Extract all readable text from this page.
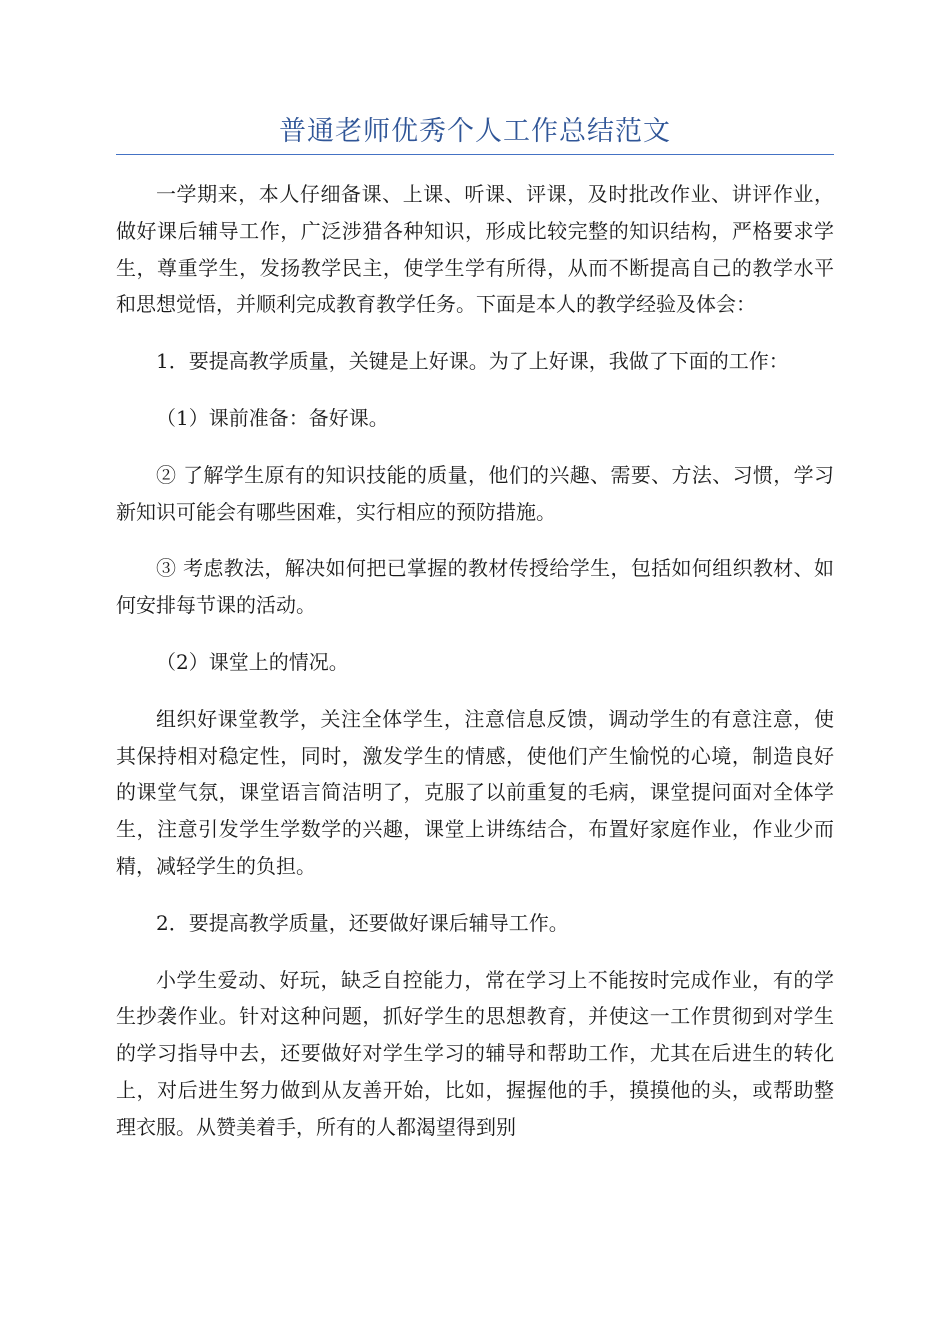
普通老师优秀个人工作总结范文

一学期来，本人仔细备课、上课、听课、评课，及时批改作业、讲评作业，做好课后辅导工作，广泛涉猎各种知识，形成比较完整的知识结构，严格要求学生，尊重学生，发扬教学民主，使学生学有所得，从而不断提高自己的教学水平和思想觉悟，并顺利完成教育教学任务。下面是本人的教学经验及体会：

1．要提高教学质量，关键是上好课。为了上好课，我做了下面的工作：

（1）课前准备：备好课。

② 了解学生原有的知识技能的质量，他们的兴趣、需要、方法、习惯，学习新知识可能会有哪些困难，实行相应的预防措施。

③ 考虑教法，解决如何把已掌握的教材传授给学生，包括如何组织教材、如何安排每节课的活动。

（2）课堂上的情况。

组织好课堂教学，关注全体学生，注意信息反馈，调动学生的有意注意，使其保持相对稳定性，同时，激发学生的情感，使他们产生愉悦的心境，制造良好的课堂气氛，课堂语言简洁明了，克服了以前重复的毛病，课堂提问面对全体学生，注意引发学生学数学的兴趣，课堂上讲练结合，布置好家庭作业，作业少而精，减轻学生的负担。

2．要提高教学质量，还要做好课后辅导工作。

小学生爱动、好玩，缺乏自控能力，常在学习上不能按时完成作业，有的学生抄袭作业。针对这种问题，抓好学生的思想教育，并使这一工作贯彻到对学生的学习指导中去，还要做好对学生学习的辅导和帮助工作，尤其在后进生的转化上，对后进生努力做到从友善开始，比如，握握他的手，摸摸他的头，或帮助整理衣服。从赞美着手，所有的人都渴望得到别
